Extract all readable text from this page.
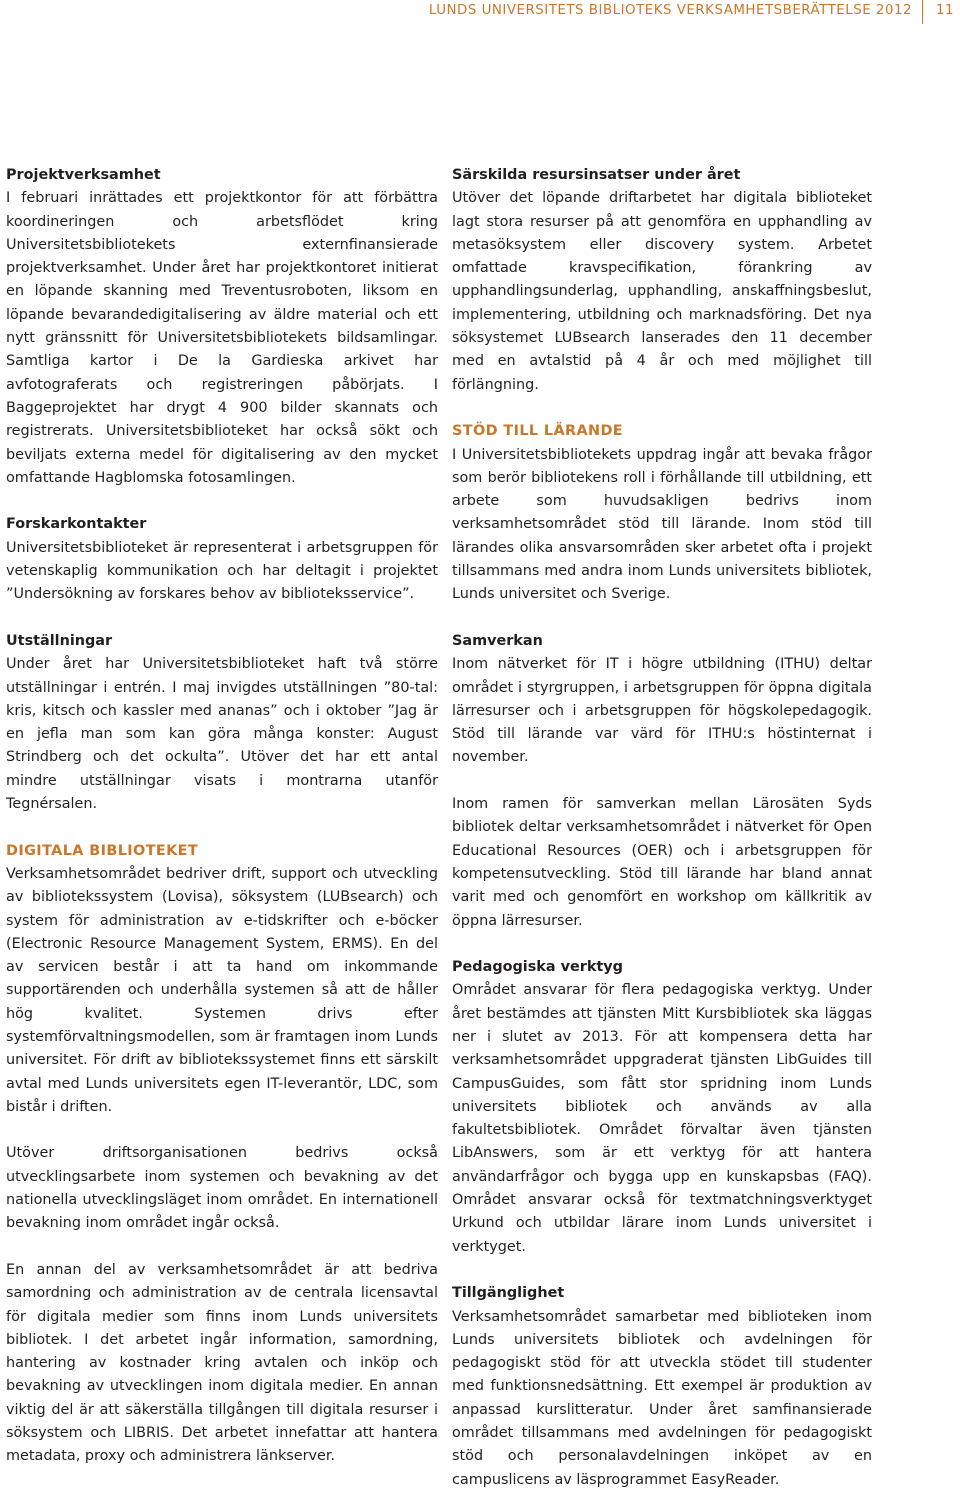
LUNDS UNIVERSITETS BIBLIOTEKS VERKSAMHETSBERÄTTELSE 2012 11
Projektverksamhet

I februari inrättades ett projektkontor för att förbättra koordineringen och arbetsflödet kring Universitetsbibliotekets externfinansierade projektverksamhet. Under året har projektkontoret initierat en löpande skanning med Treventusroboten, liksom en löpande bevarandedigitalisering av äldre material och ett nytt gränssnitt för Universitetsbibliotekets bildsamlingar. Samtliga kartor i De la Gardieska arkivet har avfotograferats och registreringen påbörjats. I Baggeprojektet har drygt 4 900 bilder skannats och registrerats. Universitetsbiblioteket har också sökt och beviljats externa medel för digitalisering av den mycket omfattande Hagblomska fotosamlingen.

Forskarkontakter

Universitetsbiblioteket är representerat i arbetsgruppen för vetenskaplig kommunikation och har deltagit i projektet ”Undersökning av forskares behov av biblioteksservice”.

Utställningar

Under året har Universitetsbiblioteket haft två större utställningar i entrén. I maj invigdes utställningen ”80-tal: kris, kitsch och kassler med ananas” och i oktober ”Jag är en jefla man som kan göra många konster: August Strindberg och det ockulta”. Utöver det har ett antal mindre utställningar visats i montrarna utanför Tegnérsalen.

DIGITALA BIBLIOTEKET

Verksamhetsområdet bedriver drift, support och utveckling av bibliotekssystem (Lovisa), söksystem (LUBsearch) och system för administration av e-tidskrifter och e-böcker (Electronic Resource Management System, ERMS). En del av servicen består i att ta hand om inkommande supportärenden och underhålla systemen så att de håller hög kvalitet. Systemen drivs efter systemförvaltningsmodellen, som är framtagen inom Lunds universitet. För drift av bibliotekssystemet finns ett särskilt avtal med Lunds universitets egen IT-leverantör, LDC, som bistår i driften.

Utöver driftsorganisationen bedrivs också utvecklingsarbete inom systemen och bevakning av det nationella utvecklingsläget inom området. En internationell bevakning inom området ingår också.

En annan del av verksamhetsområdet är att bedriva samordning och administration av de centrala licensavtal för digitala medier som finns inom Lunds universitets bibliotek. I det arbetet ingår information, samordning, hantering av kostnader kring avtalen och inköp och bevakning av utvecklingen inom digitala medier. En annan viktig del är att säkerställa tillgången till digitala resurser i söksystem och LIBRIS. Det arbetet innefattar att hantera metadata, proxy och administrera länkserver.

Särskilda resursinsatser under året

Utöver det löpande driftarbetet har digitala biblioteket lagt stora resurser på att genomföra en upphandling av metasöksystem eller discovery system. Arbetet omfattade kravspecifikation, förankring av upphandlingsunderlag, upphandling, anskaffningsbeslut, implementering, utbildning och marknadsföring. Det nya söksystemet LUBsearch lanserades den 11 december med en avtalstid på 4 år och med möjlighet till förlängning.

STÖD TILL LÄRANDE

I Universitetsbibliotekets uppdrag ingår att bevaka frågor som berör bibliotekens roll i förhållande till utbildning, ett arbete som huvudsakligen bedrivs inom verksamhetsområdet stöd till lärande. Inom stöd till lärandes olika ansvarsområden sker arbetet ofta i projekt tillsammans med andra inom Lunds universitets bibliotek, Lunds universitet och Sverige.

Samverkan

Inom nätverket för IT i högre utbildning (ITHU) deltar området i styrgruppen, i arbetsgruppen för öppna digitala lärresurser och i arbetsgruppen för högskolepedagogik. Stöd till lärande var värd för ITHU:s höstinternat i november.

Inom ramen för samverkan mellan Lärosäten Syds bibliotek deltar verksamhetsområdet i nätverket för Open Educational Resources (OER) och i arbetsgruppen för kompetensutveckling. Stöd till lärande har bland annat varit med och genomfört en workshop om källkritik av öppna lärresurser.

Pedagogiska verktyg

Området ansvarar för flera pedagogiska verktyg. Under året bestämdes att tjänsten Mitt Kursbibliotek ska läggas ner i slutet av 2013. För att kompensera detta har verksamhetsområdet uppgraderat tjänsten LibGuides till CampusGuides, som fått stor spridning inom Lunds universitets bibliotek och används av alla fakultetsbibliotek. Området förvaltar även tjänsten LibAnswers, som är ett verktyg för att hantera användarfrågor och bygga upp en kunskapsbas (FAQ). Området ansvarar också för textmatchningsverktyget Urkund och utbildar lärare inom Lunds universitet i verktyget.

Tillgänglighet

Verksamhetsområdet samarbetar med biblioteken inom Lunds universitets bibliotek och avdelningen för pedagogiskt stöd för att utveckla stödet till studenter med funktionsnedsättning. Ett exempel är produktion av anpassad kurslitteratur. Under året samfinansierade området tillsammans med avdelningen för pedagogiskt stöd och personalavdelningen inköpet av en campuslicens av läsprogrammet EasyReader.
